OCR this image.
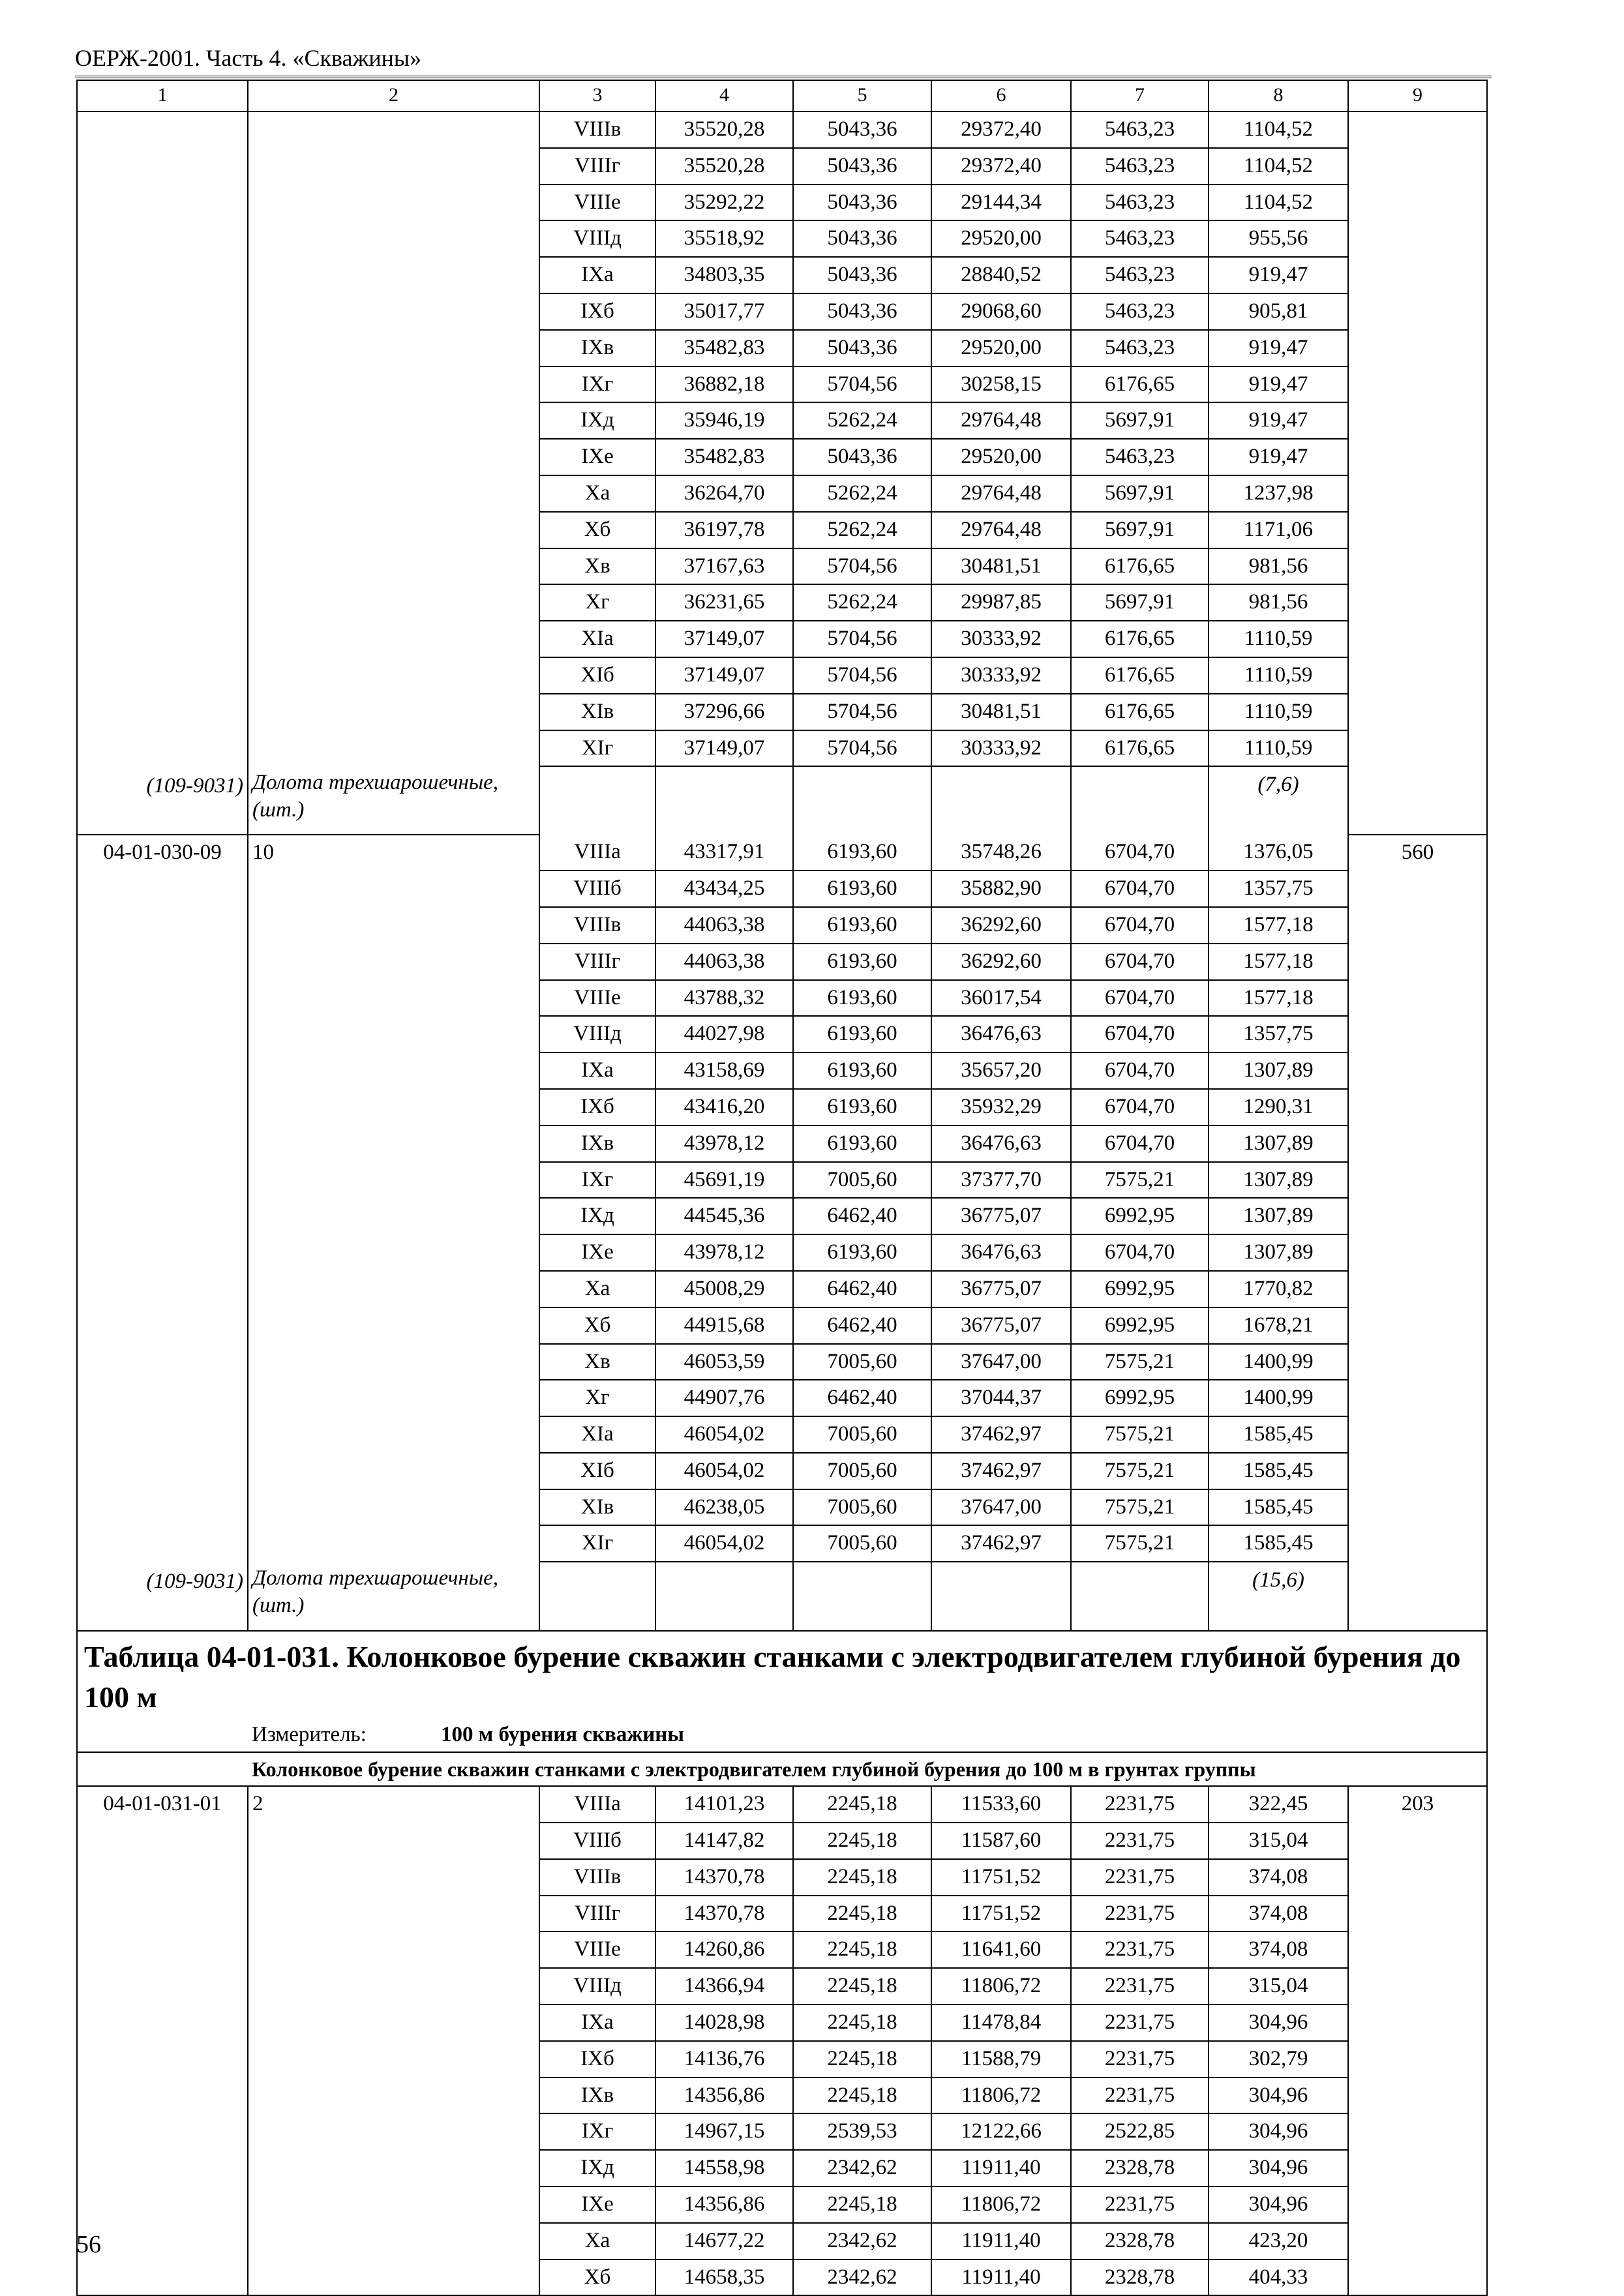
ОЕРЖ-2001. Часть 4. «Скважины»
1	2	3	4	5	6	7	8	9
		VIIIв	35520,28	5043,36	29372,40	5463,23	1104,52	
		VIIIг	35520,28	5043,36	29372,40	5463,23	1104,52	
		VIIIе	35292,22	5043,36	29144,34	5463,23	1104,52	
		VIIIд	35518,92	5043,36	29520,00	5463,23	955,56	
		IXа	34803,35	5043,36	28840,52	5463,23	919,47	
		IXб	35017,77	5043,36	29068,60	5463,23	905,81	
		IXв	35482,83	5043,36	29520,00	5463,23	919,47	
		IXг	36882,18	5704,56	30258,15	6176,65	919,47	
		IXд	35946,19	5262,24	29764,48	5697,91	919,47	
		IXе	35482,83	5043,36	29520,00	5463,23	919,47	
		Xа	36264,70	5262,24	29764,48	5697,91	1237,98	
		Xб	36197,78	5262,24	29764,48	5697,91	1171,06	
		Xв	37167,63	5704,56	30481,51	6176,65	981,56	
		Xг	36231,65	5262,24	29987,85	5697,91	981,56	
		XIа	37149,07	5704,56	30333,92	6176,65	1110,59	
		XIб	37149,07	5704,56	30333,92	6176,65	1110,59	
		XIв	37296,66	5704,56	30481,51	6176,65	1110,59	
		XIг	37149,07	5704,56	30333,92	6176,65	1110,59	
(109-9031)	Долота трехшарошечные, (шт.)						(7,6)	
04-01-030-09	10	VIIIа	43317,91	6193,60	35748,26	6704,70	1376,05	560
		VIIIб	43434,25	6193,60	35882,90	6704,70	1357,75	
		VIIIв	44063,38	6193,60	36292,60	6704,70	1577,18	
		VIIIг	44063,38	6193,60	36292,60	6704,70	1577,18	
		VIIIе	43788,32	6193,60	36017,54	6704,70	1577,18	
		VIIIд	44027,98	6193,60	36476,63	6704,70	1357,75	
		IXа	43158,69	6193,60	35657,20	6704,70	1307,89	
		IXб	43416,20	6193,60	35932,29	6704,70	1290,31	
		IXв	43978,12	6193,60	36476,63	6704,70	1307,89	
		IXг	45691,19	7005,60	37377,70	7575,21	1307,89	
		IXд	44545,36	6462,40	36775,07	6992,95	1307,89	
		IXе	43978,12	6193,60	36476,63	6704,70	1307,89	
		Xа	45008,29	6462,40	36775,07	6992,95	1770,82	
		Xб	44915,68	6462,40	36775,07	6992,95	1678,21	
		Xв	46053,59	7005,60	37647,00	7575,21	1400,99	
		Xг	44907,76	6462,40	37044,37	6992,95	1400,99	
		XIа	46054,02	7005,60	37462,97	7575,21	1585,45	
		XIб	46054,02	7005,60	37462,97	7575,21	1585,45	
		XIв	46238,05	7005,60	37647,00	7575,21	1585,45	
		XIг	46054,02	7005,60	37462,97	7575,21	1585,45	
(109-9031)	Долота трехшарошечные, (шт.)						(15,6)	
Таблица 04-01-031. Колонковое бурение скважин станками с электродвигателем глубиной бурения до 100 м								
	Измеритель: 100 м бурения скважины							
	Колонковое бурение скважин станками с электродвигателем глубиной бурения до 100 м в грунтах группы							
04-01-031-01	2	VIIIа	14101,23	2245,18	11533,60	2231,75	322,45	203
		VIIIб	14147,82	2245,18	11587,60	2231,75	315,04	
		VIIIв	14370,78	2245,18	11751,52	2231,75	374,08	
		VIIIг	14370,78	2245,18	11751,52	2231,75	374,08	
		VIIIе	14260,86	2245,18	11641,60	2231,75	374,08	
		VIIIд	14366,94	2245,18	11806,72	2231,75	315,04	
		IXа	14028,98	2245,18	11478,84	2231,75	304,96	
		IXб	14136,76	2245,18	11588,79	2231,75	302,79	
		IXв	14356,86	2245,18	11806,72	2231,75	304,96	
		IXг	14967,15	2539,53	12122,66	2522,85	304,96	
		IXд	14558,98	2342,62	11911,40	2328,78	304,96	
		IXе	14356,86	2245,18	11806,72	2231,75	304,96	
		Xа	14677,22	2342,62	11911,40	2328,78	423,20	
		Xб	14658,35	2342,62	11911,40	2328,78	404,33	
56
